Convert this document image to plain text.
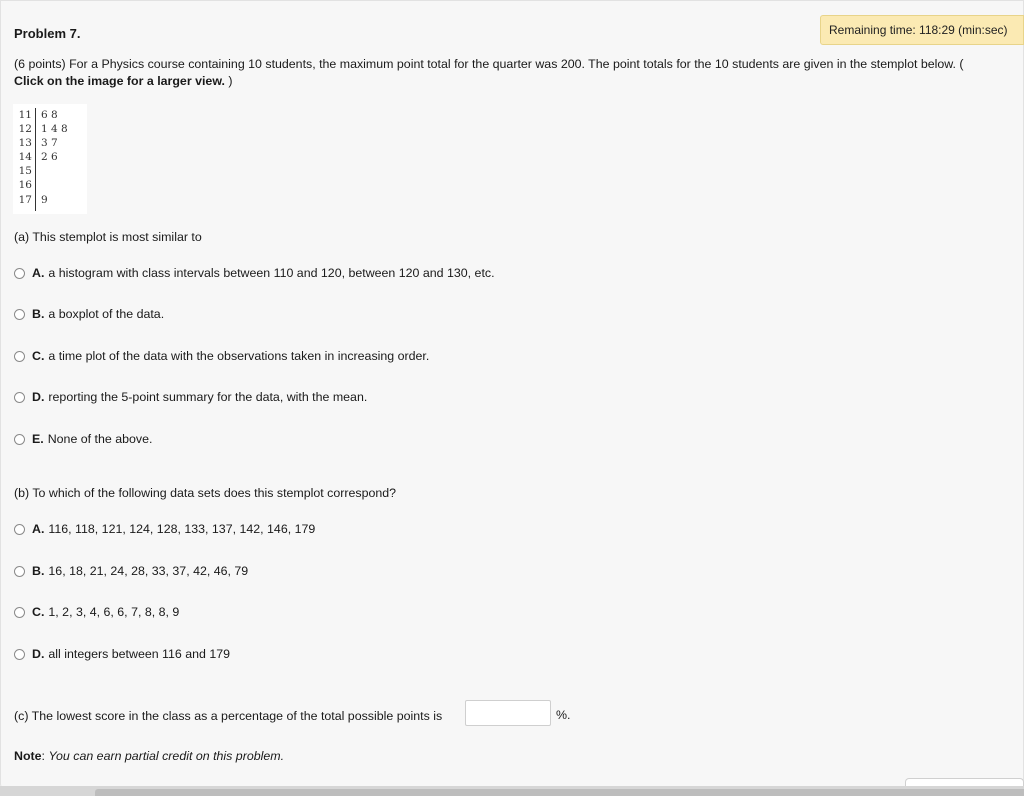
Problem 7.	Remaining time: 118:29 (min:sec)
(6 points) For a Physics course containing 10 students, the maximum point total for the quarter was 200. The point totals for the 10 students are given in the stemplot below. (
Click on the image for a larger view. )
11 6 8
12 1 4 8
13 3 7
14 2 6
15
16
17 9
(a) This stemplot is most similar to
A. a histogram with class intervals between 110 and 120, between 120 and 130, etc.
B. a boxplot of the data.
C. a time plot of the data with the observations taken in increasing order.
D. reporting the 5-point summary for the data, with the mean.
E. None of the above.
(b) To which of the following data sets does this stemplot correspond?
A. 116, 118, 121, 124, 128, 133, 137, 142, 146, 179
B. 16, 18, 21, 24, 28, 33, 37, 42, 46, 79
C. 1, 2, 3, 4, 6, 6, 7, 8, 8, 9
D. all integers between 116 and 179
(c) The lowest score in the class as a percentage of the total possible points is	%.
Note: You can earn partial credit on this problem.
